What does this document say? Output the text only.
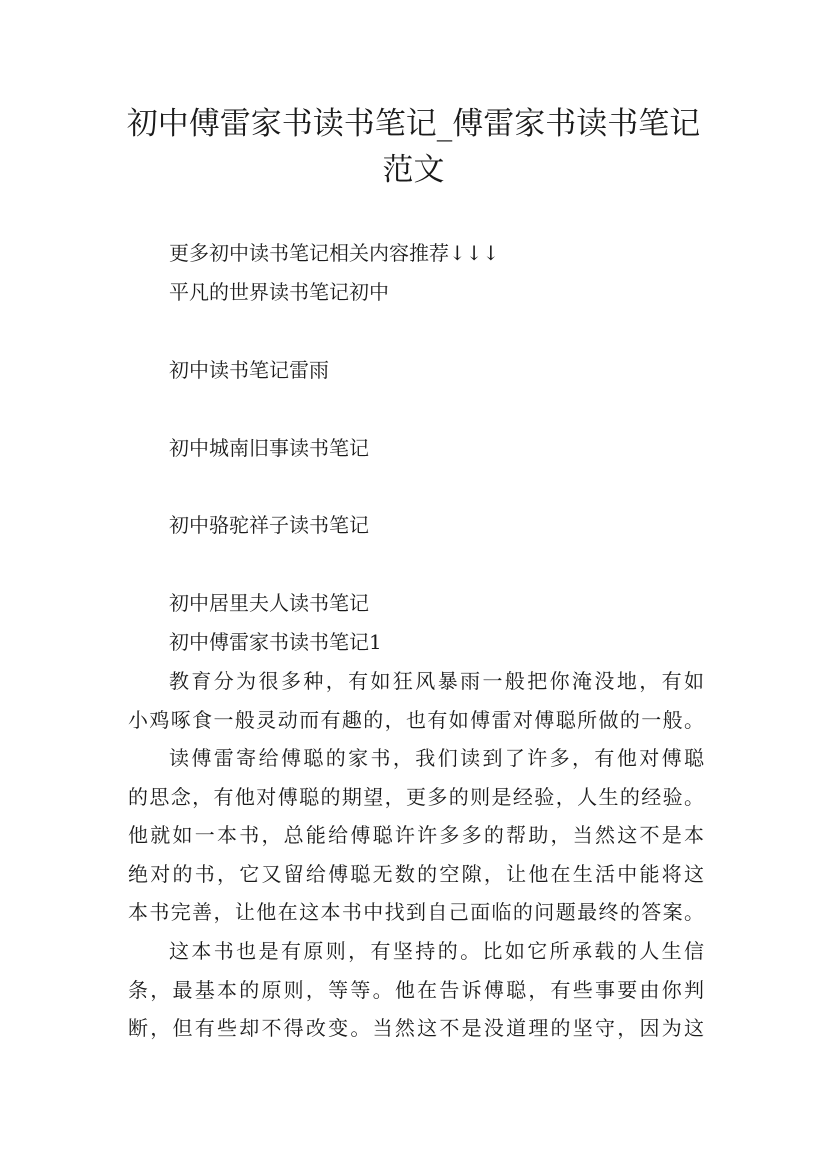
初中傅雷家书读书笔记_傅雷家书读书笔记
范文

更多初中读书笔记相关内容推荐↓↓↓

平凡的世界读书笔记初中

初中读书笔记雷雨

初中城南旧事读书笔记

初中骆驼祥子读书笔记

初中居里夫人读书笔记

初中傅雷家书读书笔记1

教育分为很多种，有如狂风暴雨一般把你淹没地，有如
小鸡啄食一般灵动而有趣的，也有如傅雷对傅聪所做的一般。
读傅雷寄给傅聪的家书，我们读到了许多，有他对傅聪
的思念，有他对傅聪的期望，更多的则是经验，人生的经验。
他就如一本书，总能给傅聪许许多多的帮助，当然这不是本
绝对的书，它又留给傅聪无数的空隙，让他在生活中能将这
本书完善，让他在这本书中找到自己面临的问题最终的答案。
这本书也是有原则，有坚持的。比如它所承载的人生信
条，最基本的原则，等等。他在告诉傅聪，有些事要由你判
断，但有些却不得改变。当然这不是没道理的坚守，因为这
